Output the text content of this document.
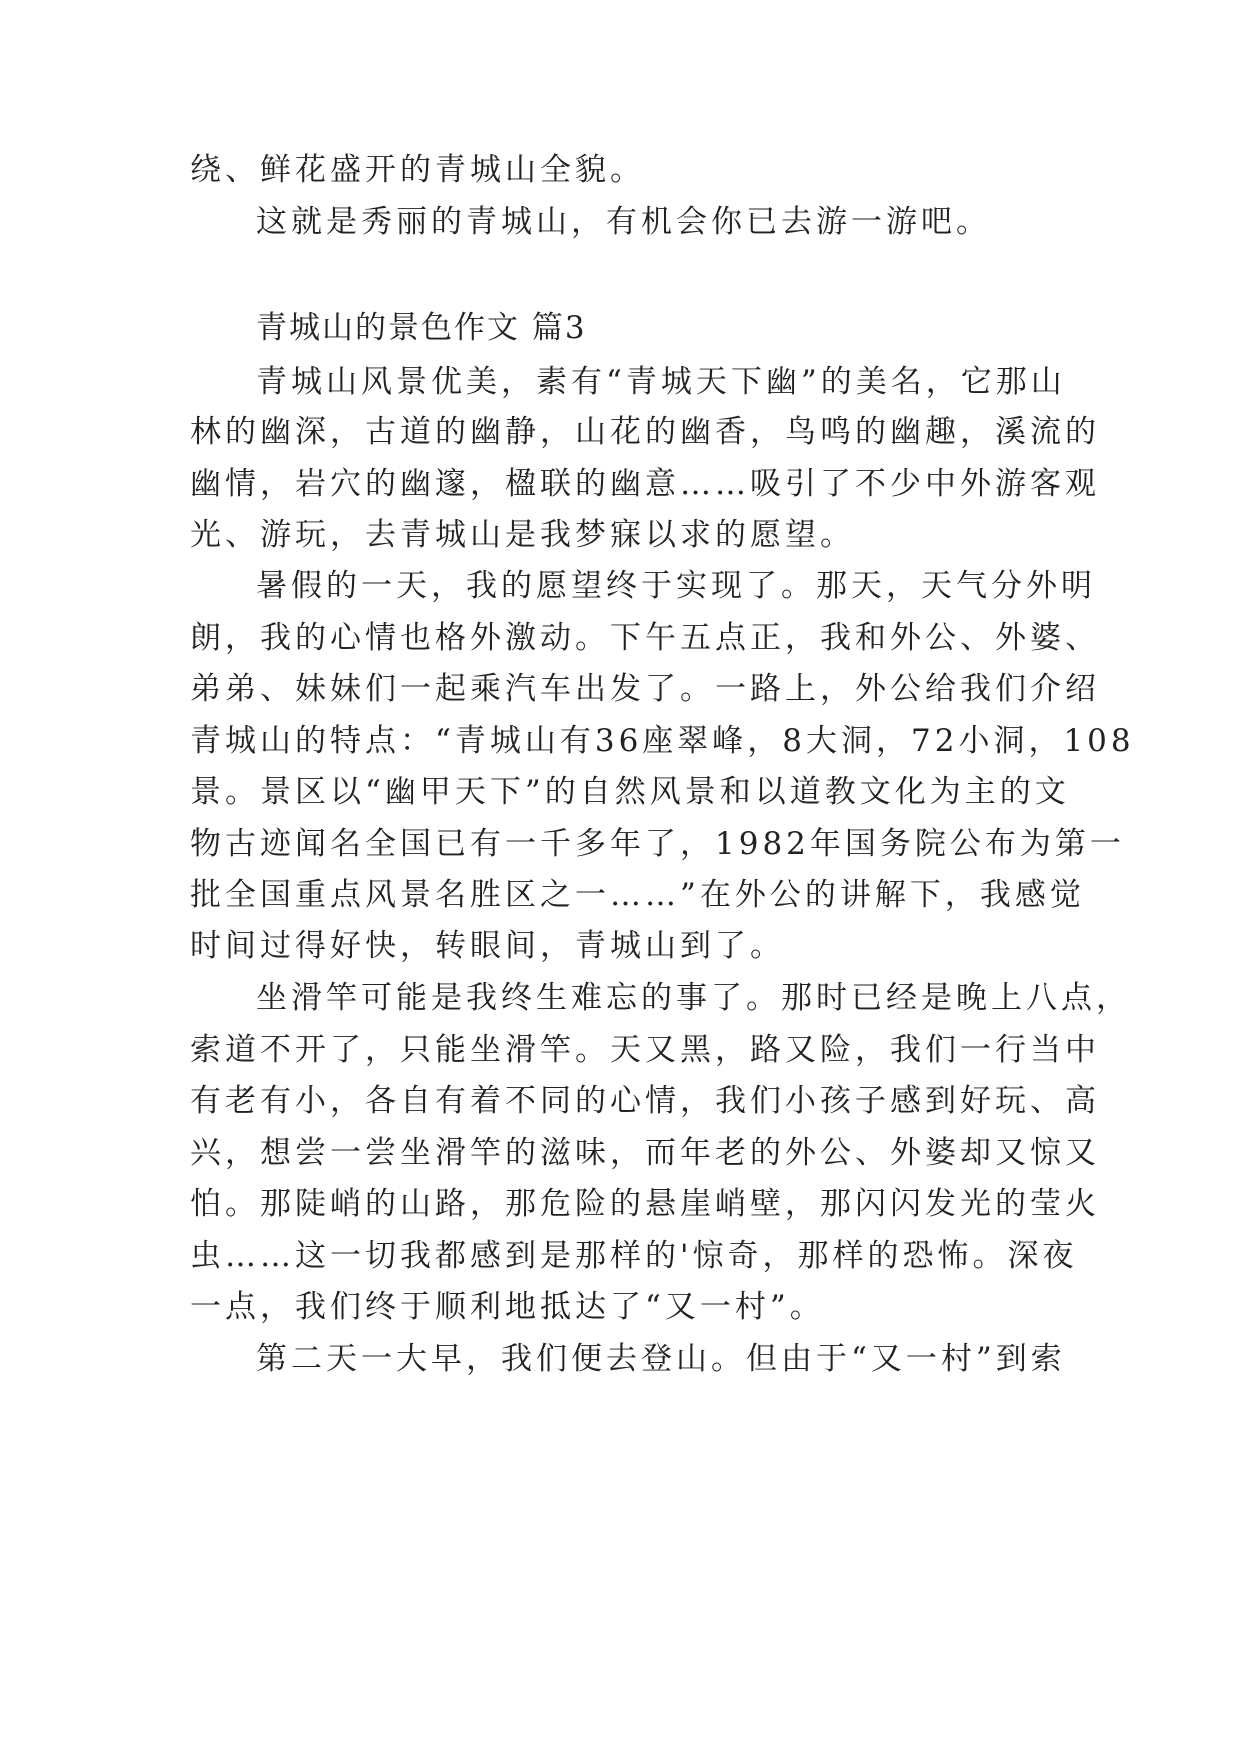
绕、鲜花盛开的青城山全貌。
这就是秀丽的青城山，有机会你已去游一游吧。
青城山的景色作文 篇3
青城山风景优美，素有“青城天下幽”的美名，它那山
林的幽深，古道的幽静，山花的幽香，鸟鸣的幽趣，溪流的
幽情，岩穴的幽邃，楹联的幽意……吸引了不少中外游客观
光、游玩，去青城山是我梦寐以求的愿望。
暑假的一天，我的愿望终于实现了。那天，天气分外明
朗，我的心情也格外激动。下午五点正，我和外公、外婆、
弟弟、妹妹们一起乘汽车出发了。一路上，外公给我们介绍
青城山的特点：“青城山有36座翠峰，8大洞，72小洞，108
景。景区以“幽甲天下”的自然风景和以道教文化为主的文
物古迹闻名全国已有一千多年了，1982年国务院公布为第一
批全国重点风景名胜区之一……”在外公的讲解下，我感觉
时间过得好快，转眼间，青城山到了。
坐滑竿可能是我终生难忘的事了。那时已经是晚上八点，
索道不开了，只能坐滑竿。天又黑，路又险，我们一行当中
有老有小，各自有着不同的心情，我们小孩子感到好玩、高
兴，想尝一尝坐滑竿的滋味，而年老的外公、外婆却又惊又
怕。那陡峭的山路，那危险的悬崖峭壁，那闪闪发光的莹火
虫……这一切我都感到是那样的'惊奇，那样的恐怖。深夜
一点，我们终于顺利地抵达了“又一村”。
第二天一大早，我们便去登山。但由于“又一村”到索
